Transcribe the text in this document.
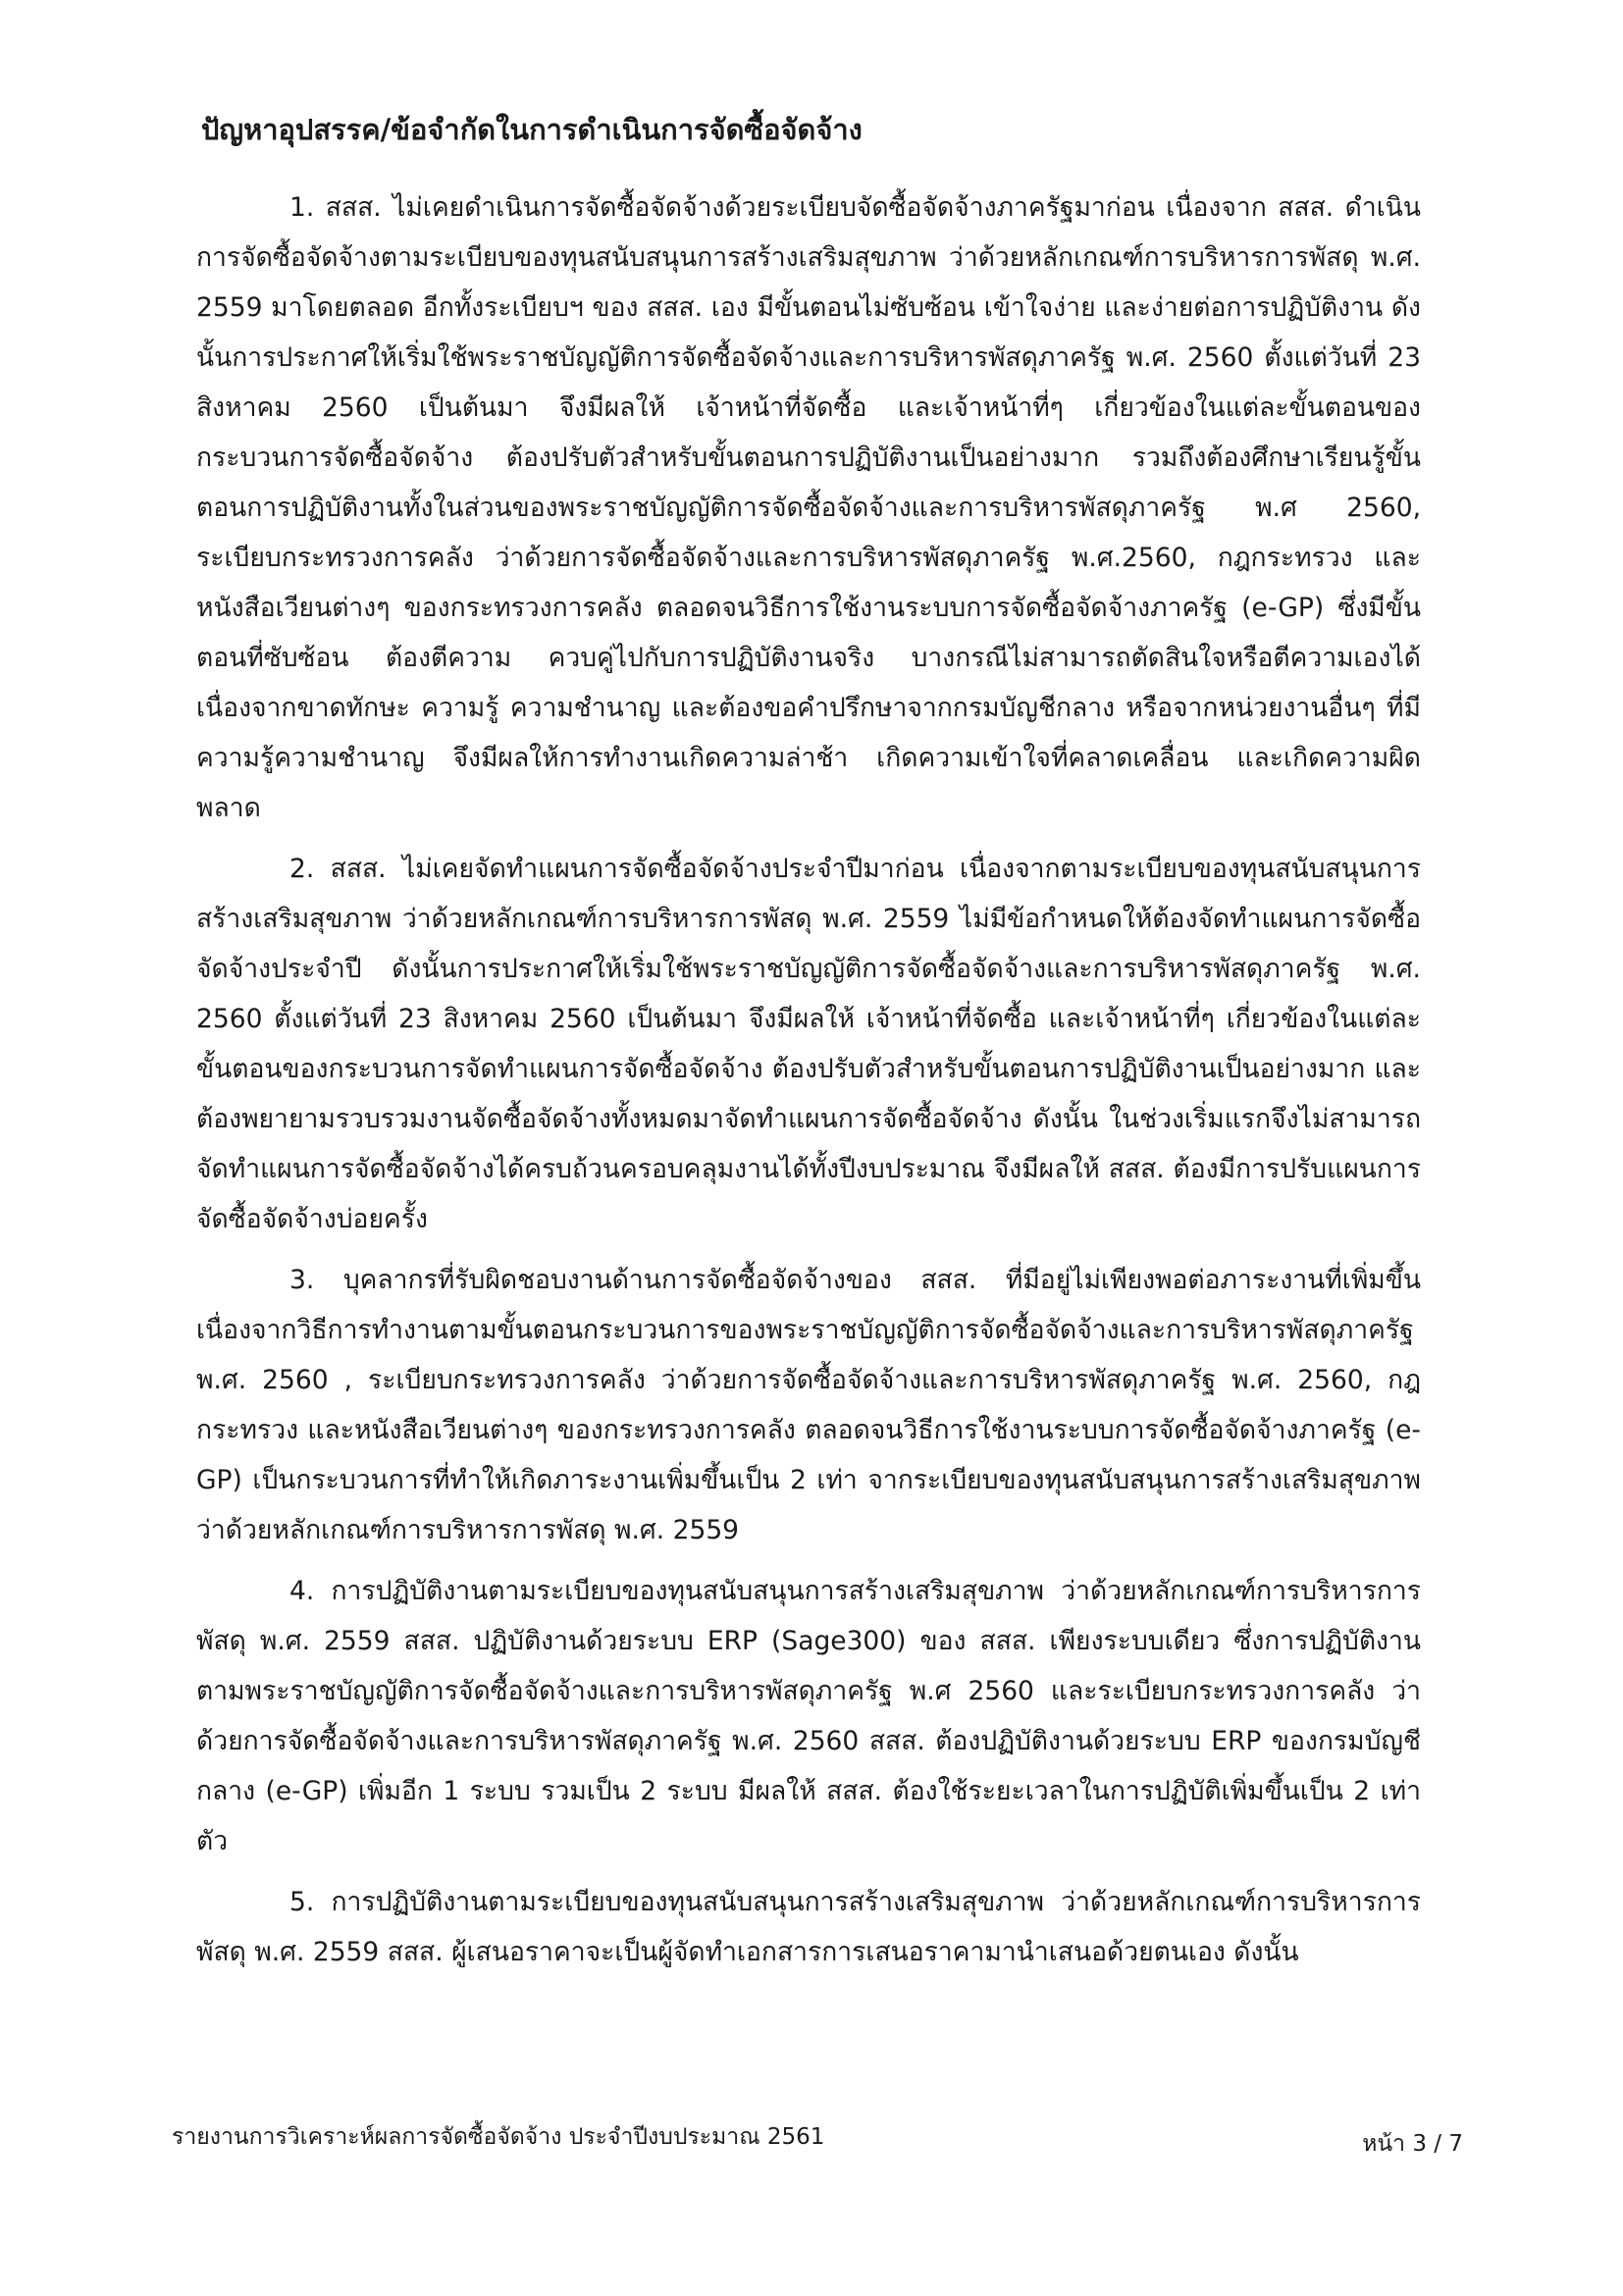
ปัญหาอุปสรรค/ข้อจำกัดในการดำเนินการจัดซื้อจัดจ้าง

1. สสส. ไม่เคยดำเนินการจัดซื้อจัดจ้างด้วยระเบียบจัดซื้อจัดจ้างภาครัฐมาก่อน เนื่องจาก สสส. ดำเนินการจัดซื้อจัดจ้างตามระเบียบของทุนสนับสนุนการสร้างเสริมสุขภาพ ว่าด้วยหลักเกณฑ์การบริหารการพัสดุ พ.ศ. 2559 มาโดยตลอด อีกทั้งระเบียบฯ ของ สสส. เอง มีขั้นตอนไม่ซับซ้อน เข้าใจง่าย และง่ายต่อการปฏิบัติงาน ดังนั้นการประกาศให้เริ่มใช้พระราชบัญญัติการจัดซื้อจัดจ้างและการบริหารพัสดุภาครัฐ พ.ศ. 2560 ตั้งแต่วันที่ 23 สิงหาคม 2560 เป็นต้นมา จึงมีผลให้ เจ้าหน้าที่จัดซื้อ และเจ้าหน้าที่ๆ เกี่ยวข้องในแต่ละขั้นตอนของกระบวนการจัดซื้อจัดจ้าง ต้องปรับตัวสำหรับขั้นตอนการปฏิบัติงานเป็นอย่างมาก รวมถึงต้องศึกษาเรียนรู้ขั้นตอนการปฏิบัติงานทั้งในส่วนของพระราชบัญญัติการจัดซื้อจัดจ้างและการบริหารพัสดุภาครัฐ พ.ศ 2560, ระเบียบกระทรวงการคลัง ว่าด้วยการจัดซื้อจัดจ้างและการบริหารพัสดุภาครัฐ พ.ศ.2560, กฎกระทรวง และหนังสือเวียนต่างๆ ของกระทรวงการคลัง ตลอดจนวิธีการใช้งานระบบการจัดซื้อจัดจ้างภาครัฐ (e-GP) ซึ่งมีขั้นตอนที่ซับซ้อน ต้องตีความ ควบคู่ไปกับการปฏิบัติงานจริง บางกรณีไม่สามารถตัดสินใจหรือตีความเองได้ เนื่องจากขาดทักษะ ความรู้ ความชำนาญ และต้องขอคำปรึกษาจากกรมบัญชีกลาง หรือจากหน่วยงานอื่นๆ ที่มีความรู้ความชำนาญ จึงมีผลให้การทำงานเกิดความล่าช้า เกิดความเข้าใจที่คลาดเคลื่อน และเกิดความผิดพลาด

2. สสส. ไม่เคยจัดทำแผนการจัดซื้อจัดจ้างประจำปีมาก่อน เนื่องจากตามระเบียบของทุนสนับสนุนการสร้างเสริมสุขภาพ ว่าด้วยหลักเกณฑ์การบริหารการพัสดุ พ.ศ. 2559 ไม่มีข้อกำหนดให้ต้องจัดทำแผนการจัดซื้อจัดจ้างประจำปี ดังนั้นการประกาศให้เริ่มใช้พระราชบัญญัติการจัดซื้อจัดจ้างและการบริหารพัสดุภาครัฐ พ.ศ. 2560 ตั้งแต่วันที่ 23 สิงหาคม 2560 เป็นต้นมา จึงมีผลให้ เจ้าหน้าที่จัดซื้อ และเจ้าหน้าที่ๆ เกี่ยวข้องในแต่ละขั้นตอนของกระบวนการจัดทำแผนการจัดซื้อจัดจ้าง ต้องปรับตัวสำหรับขั้นตอนการปฏิบัติงานเป็นอย่างมาก และต้องพยายามรวบรวมงานจัดซื้อจัดจ้างทั้งหมดมาจัดทำแผนการจัดซื้อจัดจ้าง ดังนั้น ในช่วงเริ่มแรกจึงไม่สามารถจัดทำแผนการจัดซื้อจัดจ้างได้ครบถ้วนครอบคลุมงานได้ทั้งปีงบประมาณ จึงมีผลให้ สสส. ต้องมีการปรับแผนการจัดซื้อจัดจ้างบ่อยครั้ง

3. บุคลากรที่รับผิดชอบงานด้านการจัดซื้อจัดจ้างของ สสส. ที่มีอยู่ไม่เพียงพอต่อภาระงานที่เพิ่มขึ้น เนื่องจากวิธีการทำงานตามขั้นตอนกระบวนการของพระราชบัญญัติการจัดซื้อจัดจ้างและการบริหารพัสดุภาครัฐ พ.ศ. 2560 , ระเบียบกระทรวงการคลัง ว่าด้วยการจัดซื้อจัดจ้างและการบริหารพัสดุภาครัฐ พ.ศ. 2560, กฎกระทรวง และหนังสือเวียนต่างๆ ของกระทรวงการคลัง ตลอดจนวิธีการใช้งานระบบการจัดซื้อจัดจ้างภาครัฐ (e-GP) เป็นกระบวนการที่ทำให้เกิดภาระงานเพิ่มขึ้นเป็น 2 เท่า จากระเบียบของทุนสนับสนุนการสร้างเสริมสุขภาพ ว่าด้วยหลักเกณฑ์การบริหารการพัสดุ พ.ศ. 2559

4. การปฏิบัติงานตามระเบียบของทุนสนับสนุนการสร้างเสริมสุขภาพ ว่าด้วยหลักเกณฑ์การบริหารการพัสดุ พ.ศ. 2559 สสส. ปฏิบัติงานด้วยระบบ ERP (Sage300) ของ สสส. เพียงระบบเดียว ซึ่งการปฏิบัติงานตามพระราชบัญญัติการจัดซื้อจัดจ้างและการบริหารพัสดุภาครัฐ พ.ศ 2560 และระเบียบกระทรวงการคลัง ว่าด้วยการจัดซื้อจัดจ้างและการบริหารพัสดุภาครัฐ พ.ศ. 2560 สสส. ต้องปฏิบัติงานด้วยระบบ ERP ของกรมบัญชีกลาง (e-GP) เพิ่มอีก 1 ระบบ รวมเป็น 2 ระบบ มีผลให้ สสส. ต้องใช้ระยะเวลาในการปฏิบัติเพิ่มขึ้นเป็น 2 เท่าตัว

5. การปฏิบัติงานตามระเบียบของทุนสนับสนุนการสร้างเสริมสุขภาพ ว่าด้วยหลักเกณฑ์การบริหารการพัสดุ พ.ศ. 2559 สสส. ผู้เสนอราคาจะเป็นผู้จัดทำเอกสารการเสนอราคามานำเสนอด้วยตนเอง ดังนั้น

รายงานการวิเคราะห์ผลการจัดซื้อจัดจ้าง ประจำปีงบประมาณ 2561	หน้า 3 / 7
